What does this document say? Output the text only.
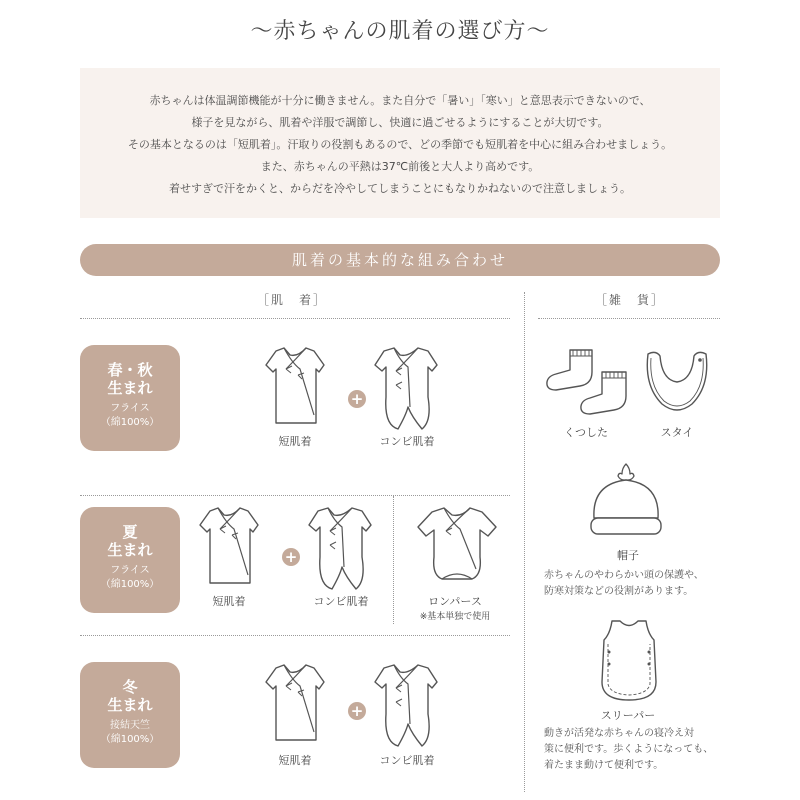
～赤ちゃんの肌着の選び方～

赤ちゃんは体温調節機能が十分に働きません。また自分で「暑い」「寒い」と意思表示できないので、

様子を見ながら、肌着や洋服で調節し、快適に過ごせるようにすることが大切です。

その基本となるのは「短肌着」。汗取りの役割もあるので、どの季節でも短肌着を中心に組み合わせましょう。

また、赤ちゃんの平熱は37℃前後と大人より高めです。

着せすぎで汗をかくと、からだを冷やしてしまうことにもなりかねないので注意しましょう。

肌着の基本的な組み合わせ
［肌　着］	［雑　貨］
春・秋
生まれ
フライス
（綿100%）
+
短肌着	コンビ肌着
夏
生まれ
フライス
（綿100%）
+
短肌着	コンビ肌着	ロンパース
※基本単独で使用
冬
生まれ
接結天竺
（綿100%）
+
短肌着	コンビ肌着
くつした	スタイ
帽子
赤ちゃんのやわらかい頭の保護や、
防寒対策などの役割があります。
スリーパー
動きが活発な赤ちゃんの寝冷え対
策に便利です。歩くようになっても、
着たまま動けて便利です。
